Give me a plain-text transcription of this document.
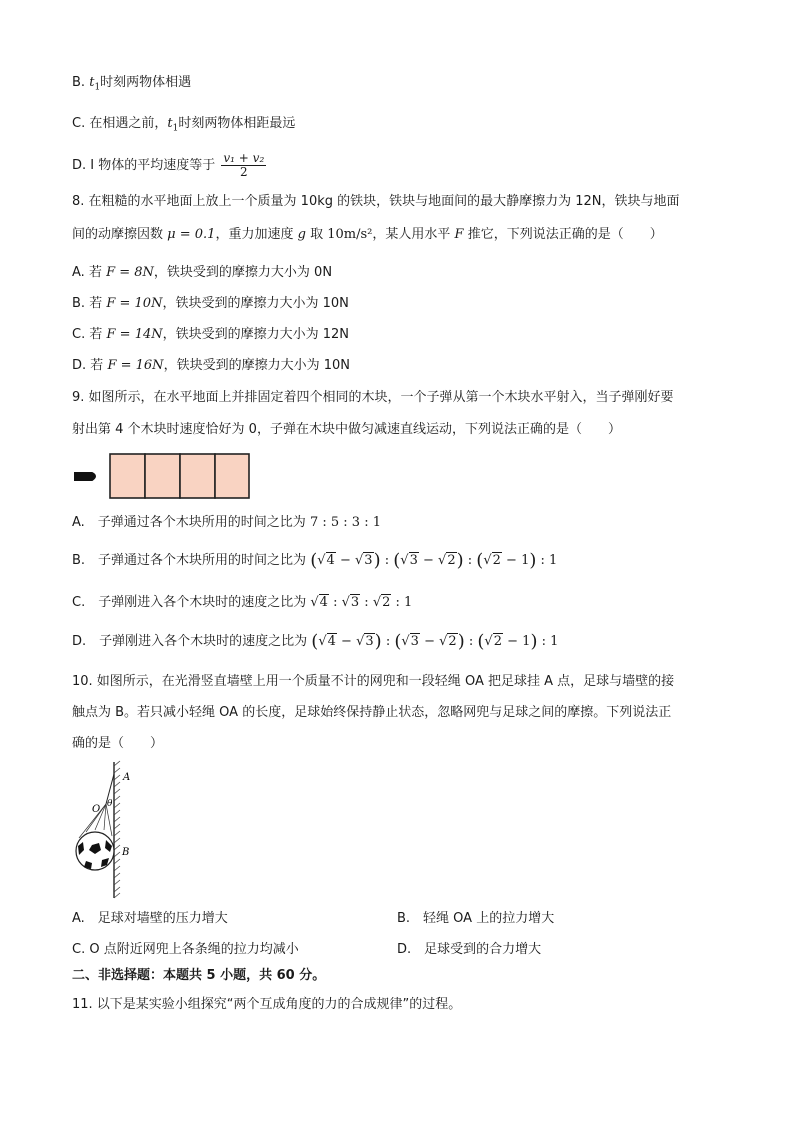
B. $t_1$时刻两物体相遇
C. 在相遇之前，$t_1$时刻两物体相距最远
D. I 物体的平均速度等于 $\frac{\text{v₁ + v₂}}{2}$
8. 在粗糙的水平地面上放上一个质量为 10kg 的铁块，铁块与地面间的最大静摩擦力为 12N，铁块与地面
间的动摩擦因数 μ = 0.1，重力加速度 g 取 10m/s²，某人用水平 F 推它，下列说法正确的是（　　）
A. 若 F = 8N，铁块受到的摩擦力大小为 0N
B. 若 F = 10N，铁块受到的摩擦力大小为 10N
C. 若 F = 14N，铁块受到的摩擦力大小为 12N
D. 若 F = 16N，铁块受到的摩擦力大小为 10N
9. 如图所示，在水平地面上并排固定着四个相同的木块，一个子弹从第一个木块水平射入，当子弹刚好要
射出第 4 个木块时速度恰好为 0，子弹在木块中做匀减速直线运动，下列说法正确的是（　　）
A.　子弹通过各个木块所用的时间之比为 7 : 5 : 3 : 1
B.　子弹通过各个木块所用的时间之比为 (√4 − √3) : (√3 − √2) : (√2 − 1) : 1
C.　子弹刚进入各个木块时的速度之比为 √4 : √3 : √2 : 1
D.　子弹刚进入各个木块时的速度之比为 (√4 − √3) : (√3 − √2) : (√2 − 1) : 1
10. 如图所示，在光滑竖直墙壁上用一个质量不计的网兜和一段轻绳 OA 把足球挂 A 点，足球与墙壁的接
触点为 B。若只减小轻绳 OA 的长度，足球始终保持静止状态，忽略网兜与足球之间的摩擦。下列说法正
确的是（　　）
A
θ
O
B
A.　足球对墙壁的压力增大	B.　轻绳 OA 上的拉力增大
C. O 点附近网兜上各条绳的拉力均减小	D.　足球受到的合力增大
二、非选择题：本题共 5 小题，共 60 分。
11. 以下是某实验小组探究“两个互成角度的力的合成规律”的过程。
